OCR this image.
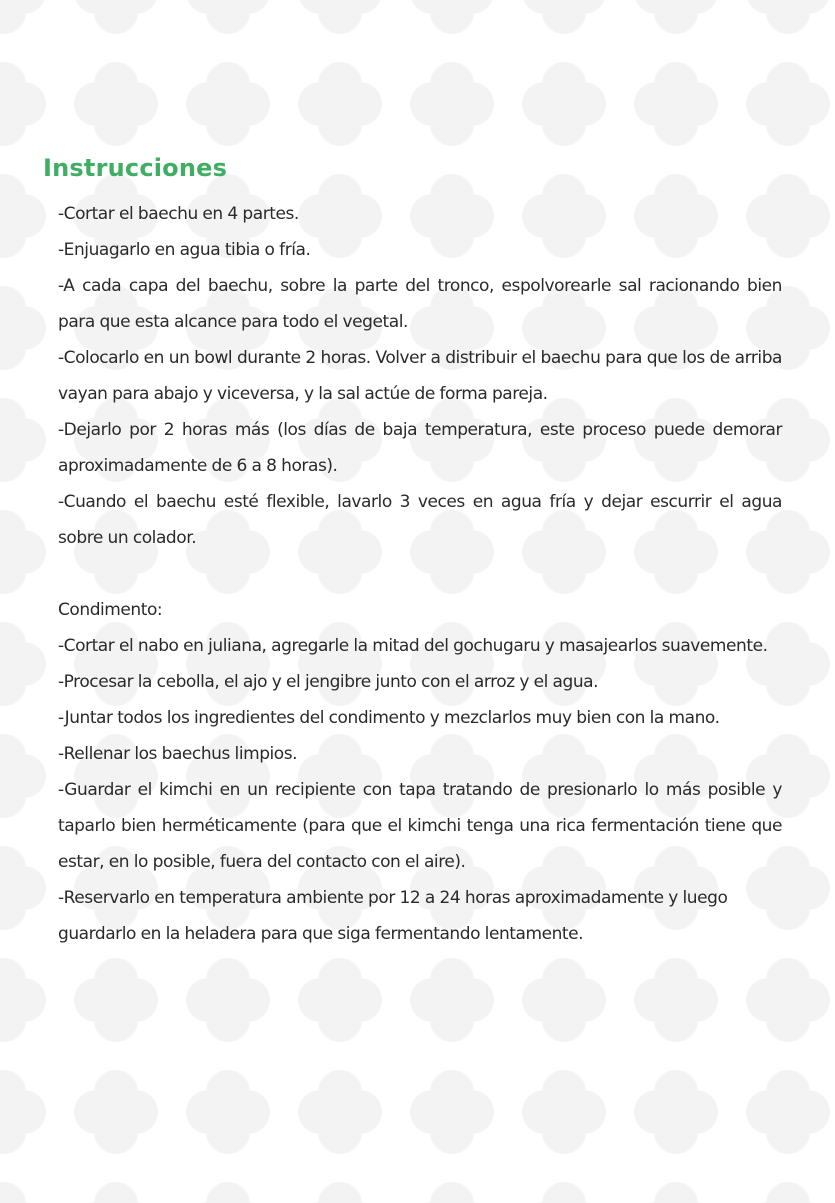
Instrucciones

-Cortar el baechu en 4 partes.

-Enjuagarlo en agua tibia o fría.

-A cada capa del baechu, sobre la parte del tronco, espolvorearle sal racionando bien para que esta alcance para todo el vegetal.

-Colocarlo en un bowl durante 2 horas. Volver a distribuir el baechu para que los de arriba vayan para abajo y viceversa, y la sal actúe de forma pareja.

-Dejarlo por 2 horas más (los días de baja temperatura, este proceso puede demorar aproximadamente de 6 a 8 horas).

-Cuando el baechu esté flexible, lavarlo 3 veces en agua fría y dejar escurrir el agua sobre un colador.

Condimento:

-Cortar el nabo en juliana, agregarle la mitad del gochugaru y masajearlos suavemente.

-Procesar la cebolla, el ajo y el jengibre junto con el arroz y el agua.

-Juntar todos los ingredientes del condimento y mezclarlos muy bien con la mano.

-Rellenar los baechus limpios.

-Guardar el kimchi en un recipiente con tapa tratando de presionarlo lo más posible y taparlo bien herméticamente (para que el kimchi tenga una rica fermentación tiene que estar, en lo posible, fuera del contacto con el aire).

-Reservarlo en temperatura ambiente por 12 a 24 horas aproximadamente y luego guardarlo en la heladera para que siga fermentando lentamente.
